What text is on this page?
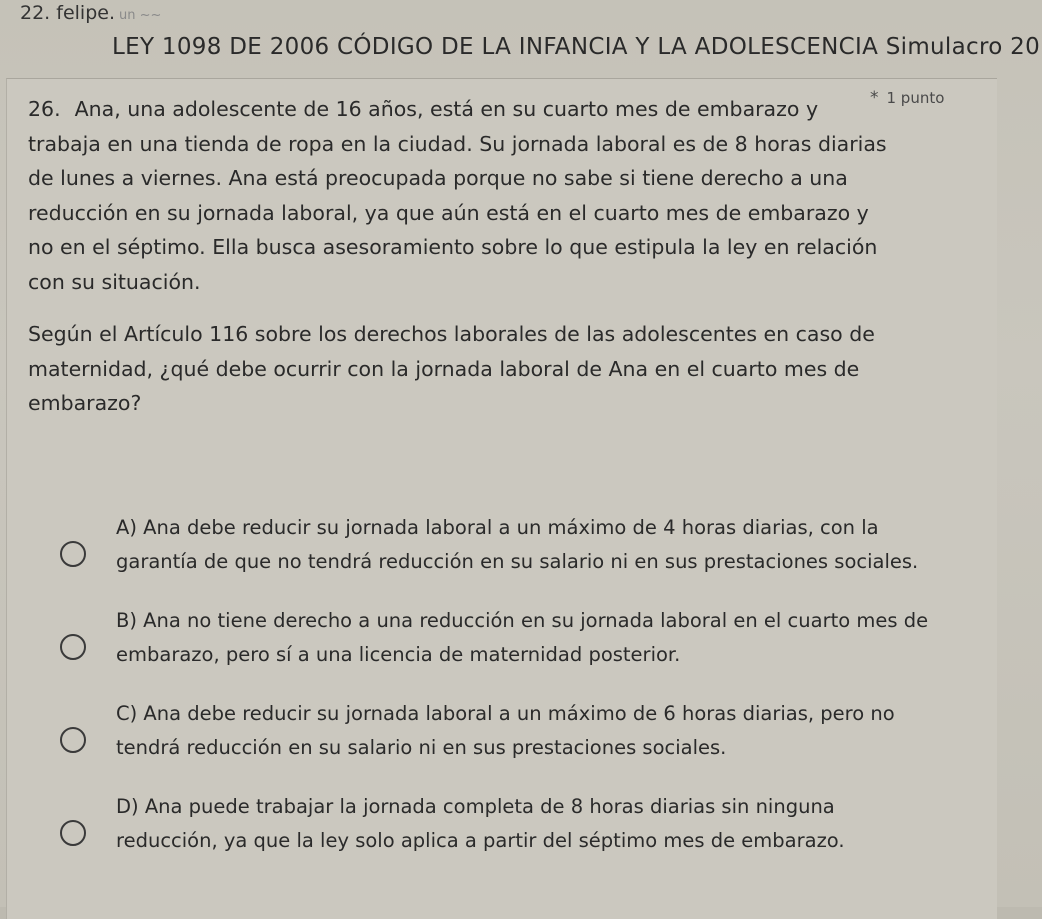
22. felipe. un ~~
LEY 1098 DE 2006 CÓDIGO DE LA INFANCIA Y LA ADOLESCENCIA Simulacro 20
* 1 punto

26. Ana, una adolescente de 16 años, está en su cuarto mes de embarazo y trabaja en una tienda de ropa en la ciudad. Su jornada laboral es de 8 horas diarias de lunes a viernes. Ana está preocupada porque no sabe si tiene derecho a una reducción en su jornada laboral, ya que aún está en el cuarto mes de embarazo y no en el séptimo. Ella busca asesoramiento sobre lo que estipula la ley en relación con su situación.

Según el Artículo 116 sobre los derechos laborales de las adolescentes en caso de maternidad, ¿qué debe ocurrir con la jornada laboral de Ana en el cuarto mes de embarazo?

A) Ana debe reducir su jornada laboral a un máximo de 4 horas diarias, con la garantía de que no tendrá reducción en su salario ni en sus prestaciones sociales.
B) Ana no tiene derecho a una reducción en su jornada laboral en el cuarto mes de embarazo, pero sí a una licencia de maternidad posterior.
C) Ana debe reducir su jornada laboral a un máximo de 6 horas diarias, pero no tendrá reducción en su salario ni en sus prestaciones sociales.
D) Ana puede trabajar la jornada completa de 8 horas diarias sin ninguna reducción, ya que la ley solo aplica a partir del séptimo mes de embarazo.
